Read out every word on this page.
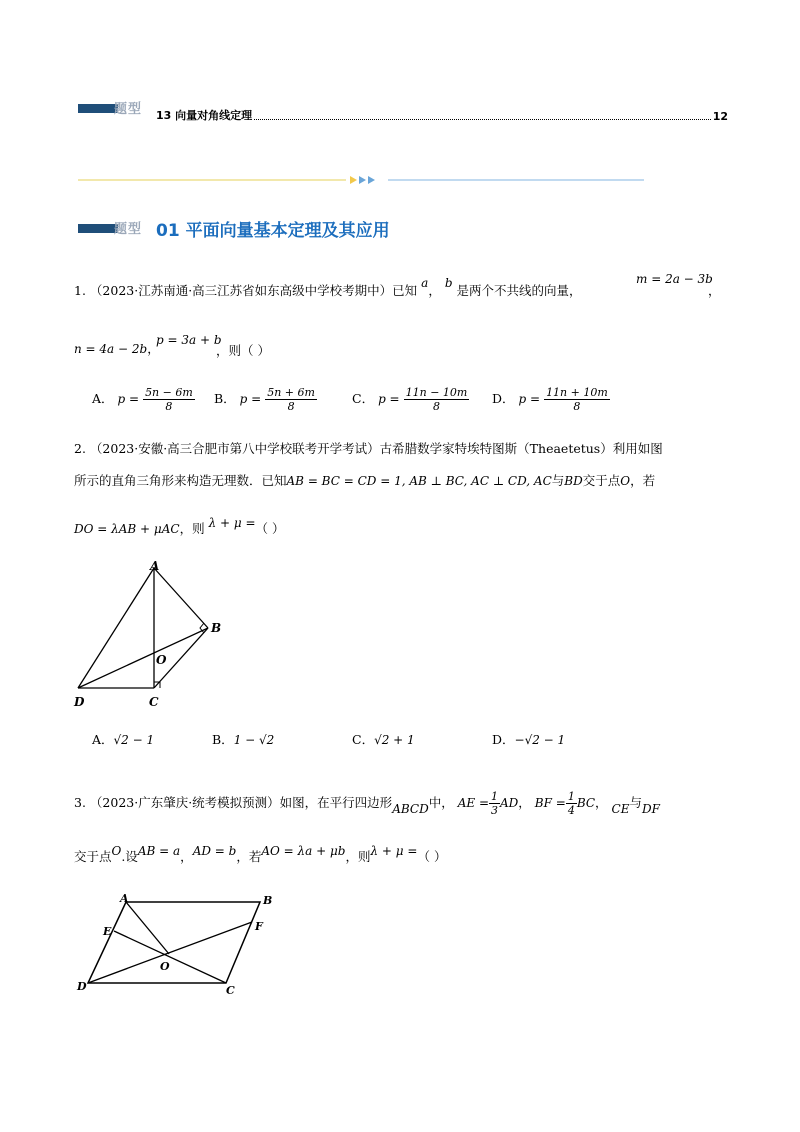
题型 13 向量对角线定理	12
题型 01 平面向量基本定理及其应用
1. （2023·江苏南通·高三江苏省如东高级中学校考期中）已知 a， b 是两个不共线的向量，
m = 2a − 3b
，
n = 4a − 2b，
p = 3a + b
，则（ ）
A． $p = \frac{5n - 6m}{8}$ B． $p = \frac{5n + 6m}{8}$	C． $p = \frac{11n - 10m}{8}$ D． $p = \frac{11n + 10m}{8}$
2. （2023·安徽·高三合肥市第八中学校联考开学考试）古希腊数学家特埃特图斯（Theaetetus）利用如图
所示的直角三角形来构造无理数．已知AB = BC = CD = 1, AB ⊥ BC, AC ⊥ CD, AC与BD交于点O，若
DO = λAB + μAC，则 λ + μ =（ ）
A
B
C
D
O
A．√2 − 1	B．1 − √2	C．√2 + 1	D．−√2 − 1
3. （2023·广东肇庆·统考模拟预测）如图，在平行四边形ABCD中， AE = $\frac{1}{3}$ AD， BF = $\frac{1}{4}$ BC， CE与DF
交于点O.设AB = a，AD = b，若AO = λa + μb，则λ + μ =（ ）
A	B
C
D
E	F
O
